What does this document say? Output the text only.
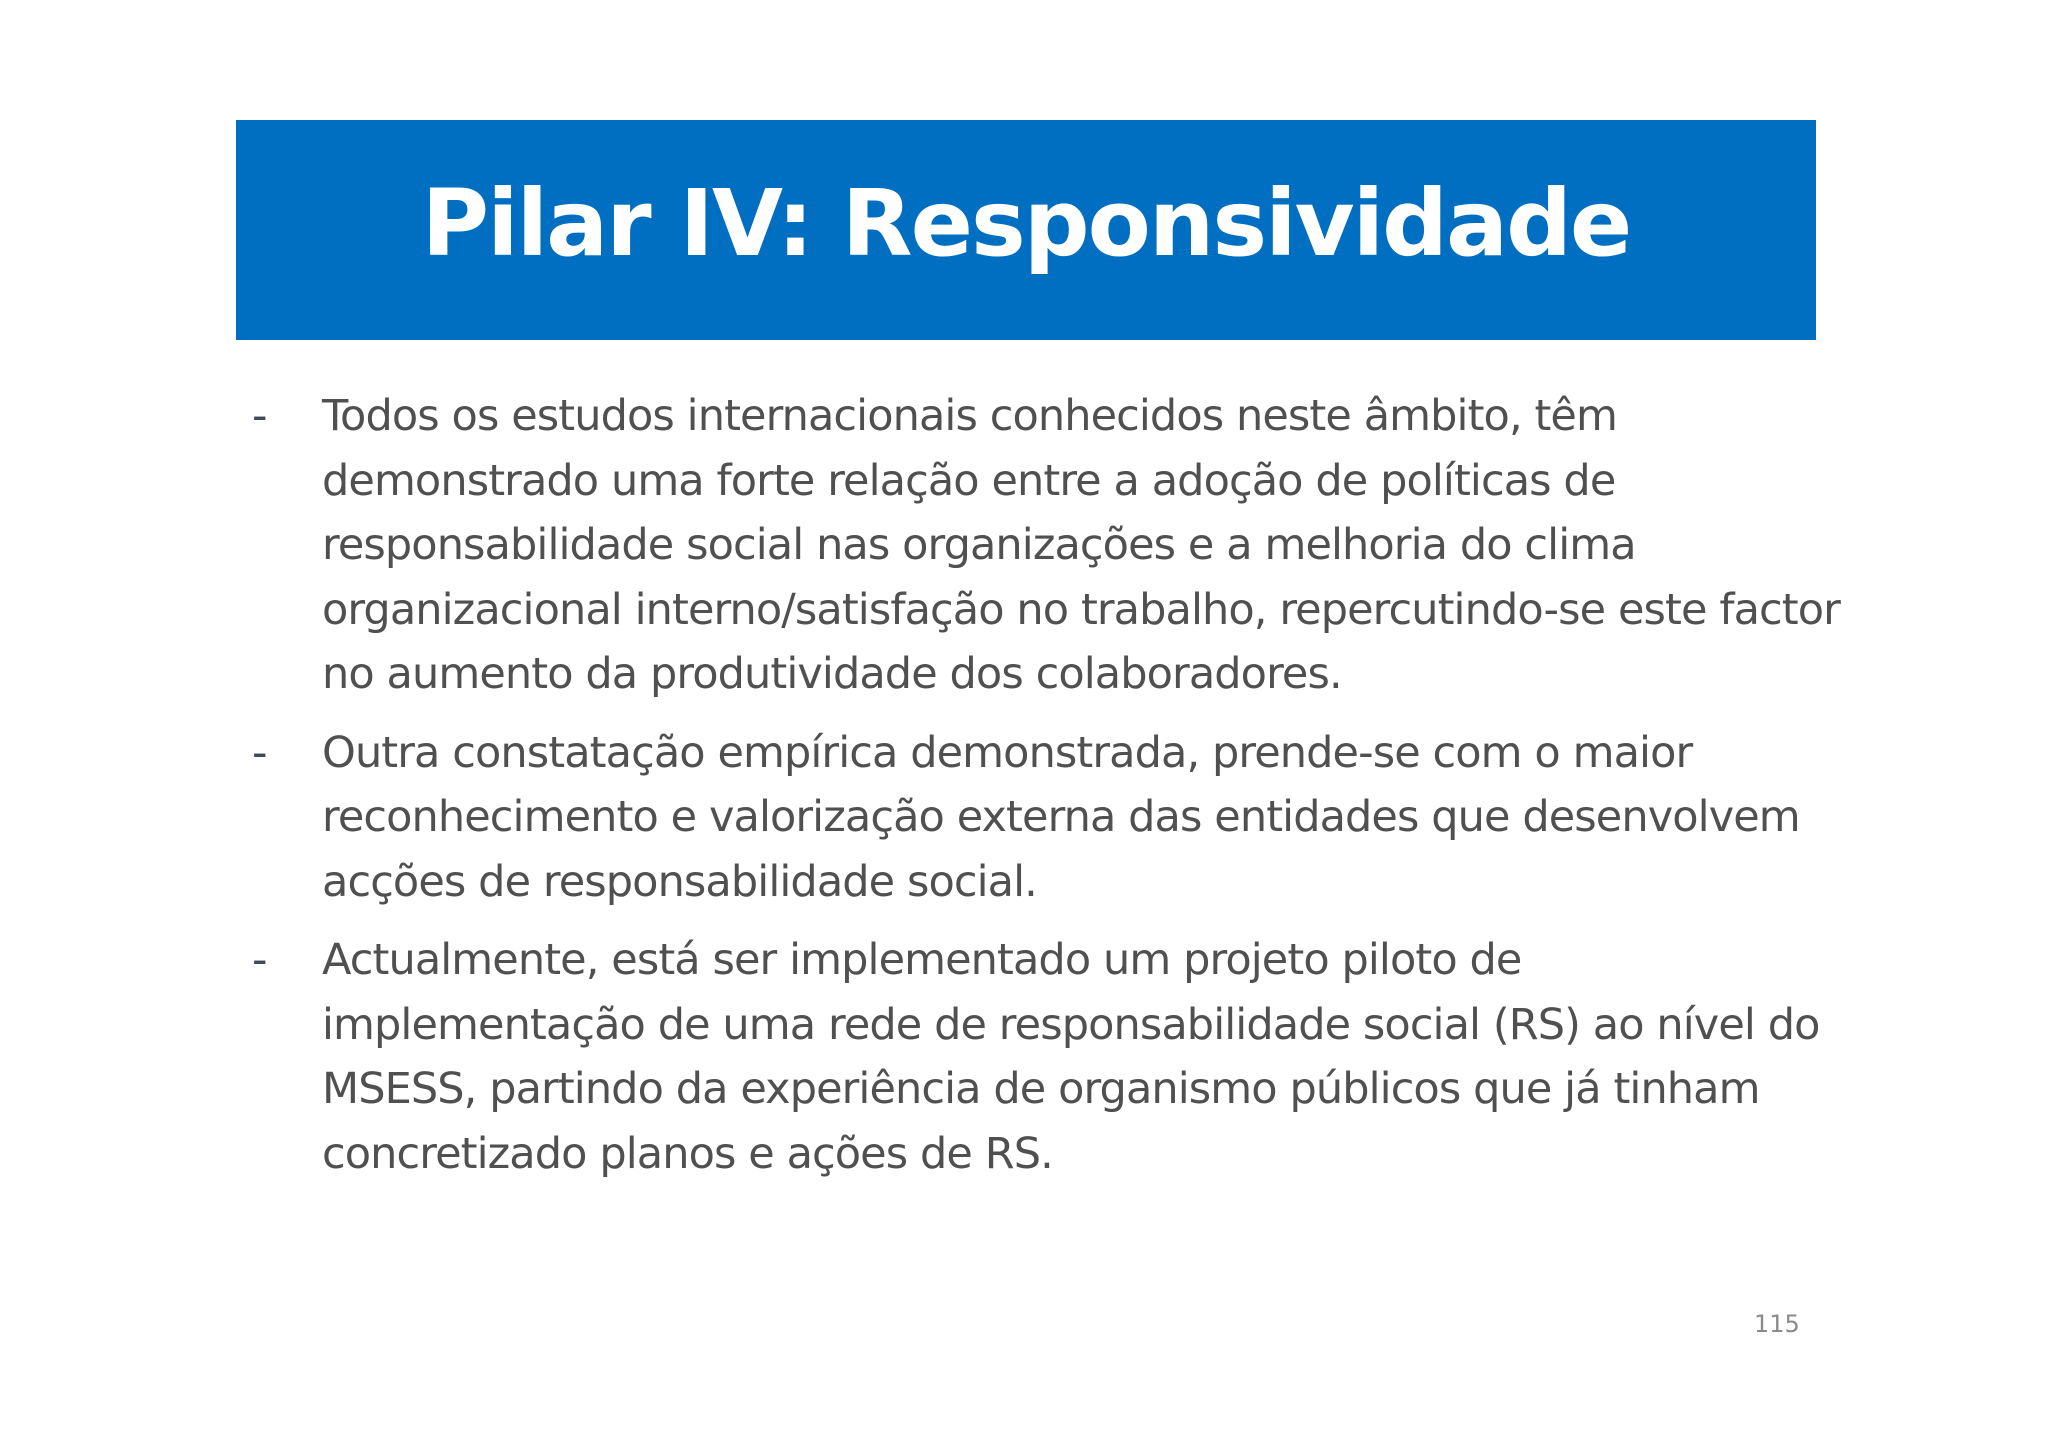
Pilar IV: Responsividade
-	Todos os estudos internacionais conhecidos neste âmbito, têm demonstrado uma forte relação entre a adoção de políticas de responsabilidade social nas organizações e a melhoria do clima organizacional interno/satisfação no trabalho, repercutindo-se este factor no aumento da produtividade dos colaboradores.
-	Outra constatação empírica demonstrada, prende-se com o maior reconhecimento e valorização externa das entidades que desenvolvem acções de responsabilidade social.
-	Actualmente, está ser implementado um projeto piloto de implementação de uma rede de responsabilidade social (RS) ao nível do MSESS, partindo da experiência de organismo públicos que já tinham concretizado planos e ações de RS.
115
